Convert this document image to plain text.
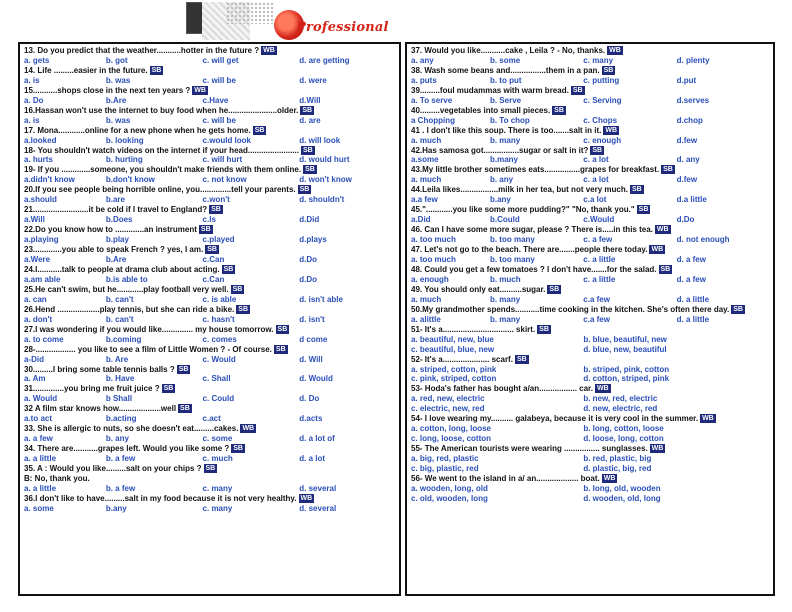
Professional
13. Do you predict that the weather...........hotter in the future ? WB
a. gets	b. got	c. will get	d. are getting
14. Life .........easier in the future. SB
a. is	b. was	c. will be	d. were
15...........shops close in the next ten years ? WB
a. Do	b.Are	c.Have	d.Will
16.Hassan won't use the internet to buy food when he......................older. SB
a. is	b. was	c. will be	d. are
17. Mona............online for a new phone when he gets home. SB
a.looked	b. looking	c.would look	d. will look
18- You shouldn't watch videos on the internet if your head....................... SB
a. hurts	b. hurting	c. will hurt	d. would hurt
19- If you .............someone, you shouldn't make friends with them online. SB
a.didn't know	b.don't know	c. not know	d. won't know
20.If you see people being horrible online, you..............tell your parents. SB
a.should	b.are	c.won't	d. shouldn't
21.........................it be cold if I travel to England? SB
a.Will	b.Does	c.Is	d.Did
22.Do you know how to .............an instrument SB
a.playing	b.play	c.played	d.plays
23.............you able to speak French ? yes, I am. SB
a.Were	b.Are	c.Can	d.Do
24.I...........talk to people at drama club about acting. SB
a.am able	b.is able to	c.Can	d.Do
25.He can't swim, but he............play football very well. SB
a. can	b. can't	c. is able	d. isn't able
26.Hend ...................play tennis, but she can ride a bike. SB
a. don't	b. can't	c. hasn't	d. isn't
27.I was wondering if you would like.............. my house tomorrow. SB
a. to come	b.coming	c. comes	d come
28-.................. you like to see a film of Little Women ? - Of course. SB
a-Did	b. Are	c. Would	d. Will
30.........I bring some table tennis balls ? SB
a. Am	b. Have	c. Shall	d. Would
31..............you bring me fruit juice ? SB
a. Would	b Shall	c. Could	d. Do
32 A film star knows how...................well SB
a.to act	b.acting	c.act	d.acts
33. She is allergic to nuts, so she doesn't eat.........cakes. WB
a. a few	b. any	c. some	d. a lot of
34. There are...........grapes left. Would you like some ? SB
a. a little	b. a few	c. much	d. a lot
35. A : Would you like.........salt on your chips ? SB
B: No, thank you.
a. a little	b. a few	c. many	d. several
36.I don't like to have.........salt in my food because it is not very healthy. WB
a. some	b.any	c. many	d. several
37. Would you like...........cake , Leila ? - No, thanks. WB
a. any	b. some	c. many	d. plenty
38. Wash some beans and................them in a pan. SB
a. puts	b. to put	c. putting	d.put
39.........foul mudammas with warm bread. SB
a. To serve	b. Serve	c. Serving	d.serves
40.........vegetables into small pieces. SB
a Chopping	b. To chop	c. Chops	d.chop
41 . I don't like this soup. There is too.......salt in it. WB
a. much	b. many	c. enough	d.few
42.Has samosa got................sugar or salt in it? SB
a.some	b.many	c. a lot	d. any
43.My little brother sometimes eats................grapes for breakfast. SB
a. much	b. any	c. a lot	d.few
44.Leila likes.................milk in her tea, but not very much. SB
a.a few	b.any	c.a lot	d.a little
45."............you like some more pudding?" "No, thank you." SB
a.Did	b.Could	c.Would	d.Do
46. Can I have some more sugar, please ? There is.....in this tea. WB
a. too much	b. too many	c. a few	d. not enough
47. Let's not go to the beach. There are.......people there today. WB
a. too much	b. too many	c. a little	d. a few
48. Could you get a few tomatoes ? I don't have.......for the salad. SB
a. enough	b. much	c. a little	d. a few
49. You should only eat..........sugar. SB
a. much	b. many	c.a few	d. a little
50.My grandmother spends...........time cooking in the kitchen. She's often there day. SB
a. alittle	b. many	c.a few	d. a little
51- It's a................................ skirt. SB
a. beautiful, new, blue	b. blue, beautiful, new
c. beautiful, blue, new	d. blue, new, beautiful
52- It's a..................... scarf. SB
a. striped, cotton, pink	b. striped, pink, cotton
c. pink, striped, cotton	d. cotton, striped, pink
53- Hoda's father has bought a/an................. car. WB
a. red, new, electric	b. new, red, electric
c. electric, new, red	d. new, electric, red
54- I love wearing my.......... galabeya, because it is very cool in the summer. WB
a. cotton, long, loose	b. long, cotton, loose
c. long, loose, cotton	d. loose, long, cotton
55- The American tourists were wearing ................ sunglasses. WB
a. big, red, plastic	b. red, plastic, big
c. big, plastic, red	d. plastic, big, red
56- We went to the island in a/ an................... boat. WB
a. wooden, long, old	b. long, old, wooden
c. old, wooden, long	d. wooden, old, long
